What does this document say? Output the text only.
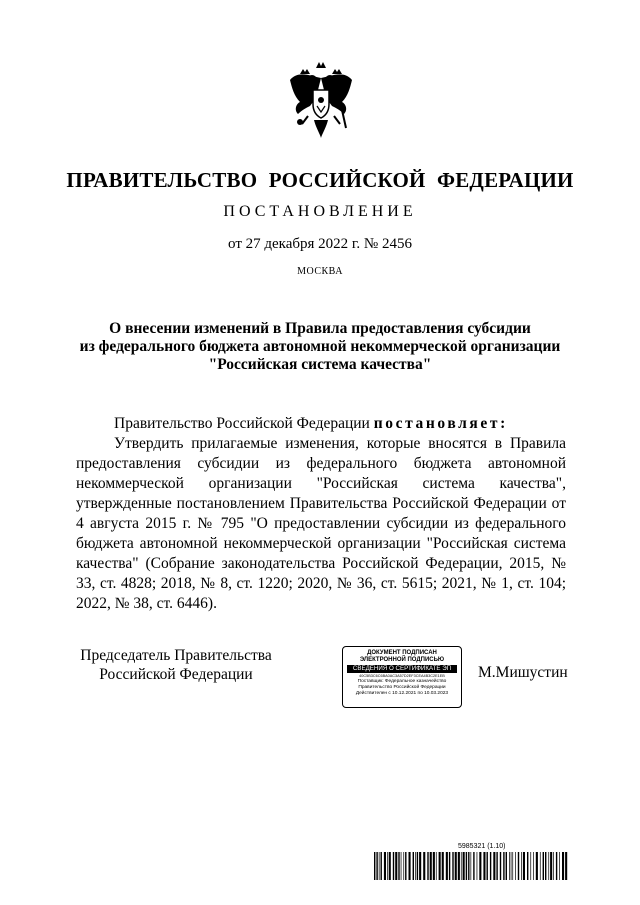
ПРАВИТЕЛЬСТВО РОССИЙСКОЙ ФЕДЕРАЦИИ
ПОСТАНОВЛЕНИЕ
от 27 декабря 2022 г. № 2456
МОСКВА
О внесении изменений в Правила предоставления субсидии
из федерального бюджета автономной некоммерческой организации
"Российская система качества"

Правительство Российской Федерации постановляет:

Утвердить прилагаемые изменения, которые вносятся в Правила предоставления субсидии из федерального бюджета автономной некоммерческой организации "Российская система качества", утвержденные постановлением Правительства Российской Федерации от 4 августа 2015 г. № 795 "О предоставлении субсидии из федерального бюджета автономной некоммерческой организации "Российская система качества" (Собрание законодательства Российской Федерации, 2015, № 33, ст. 4828; 2018, № 8, ст. 1220; 2020, № 36, ст. 5615; 2021, № 1, ст. 104; 2022, № 38, ст. 6446).

Председатель Правительства
Российской Федерации
ДОКУМЕНТ ПОДПИСАН
ЭЛЕКТРОННОЙ ПОДПИСЬЮ
СВЕДЕНИЯ О СЕРТИФИКАТЕ ЭП
40C5B3C6C6BA0AC3A57D2EF3CEA4B3C2E1EB
Поставщик: Федеральное казначейство
Правительство Российской Федерации
Действителен с 10.12.2021 по 10.03.2023
М.Мишустин
5985321 (1.10)
